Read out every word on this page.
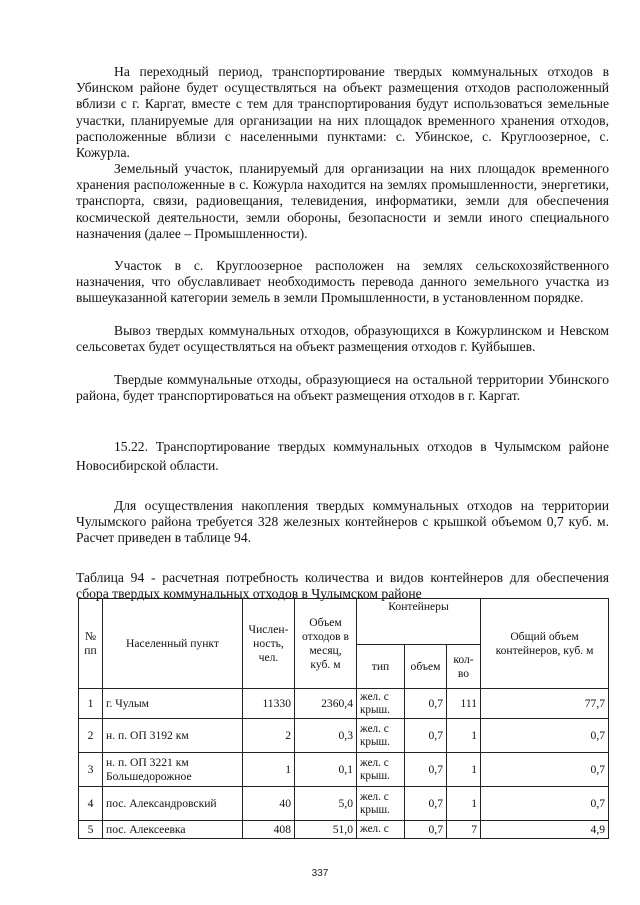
На переходный период, транспортирование твердых коммунальных отходов в Убинском районе будет осуществляться на объект размещения отходов расположенный вблизи с г. Каргат, вместе с тем для транспортирования будут использоваться земельные участки, планируемые для организации на них площадок временного хранения отходов, расположенные вблизи с населенными пунктами: с. Убинское, с. Круглоозерное, с. Кожурла.

Земельный участок, планируемый для организации на них площадок временного хранения расположенные в с. Кожурла находится на землях промышленности, энергетики, транспорта, связи, радиовещания, телевидения, информатики, земли для обеспечения космической деятельности, земли обороны, безопасности и земли иного специального назначения (далее – Промышленности).

Участок в с. Круглоозерное расположен на землях сельскохозяйственного назначения, что обуславливает необходимость перевода данного земельного участка из вышеуказанной категории земель в земли Промышленности, в установленном порядке.

Вывоз твердых коммунальных отходов, образующихся в Кожурлинском и Невском сельсоветах будет осуществляться на объект размещения отходов г. Куйбышев.

Твердые коммунальные отходы, образующиеся на остальной территории Убинского района, будет транспортироваться на объект размещения отходов в г. Каргат.

15.22. Транспортирование твердых коммунальных отходов в Чулымском районе Новосибирской области.

Для осуществления накопления твердых коммунальных отходов на территории Чулымского района требуется 328 железных контейнеров с крышкой объемом 0,7 куб. м. Расчет приведен в таблице 94.

Таблица 94 - расчетная потребность количества и видов контейнеров для обеспечения сбора твердых коммунальных отходов в Чулымском районе

№ пп	Населенный пункт	Числен-ность, чел.	Объем отходов в месяц, куб. м	Контейнеры			Общий объем контейнеров, куб. м
				тип	объем	кол-во	
1	г. Чулым	11330	2360,4	жел. с крыш.	0,7	111	77,7
2	н. п. ОП 3192 км	2	0,3	жел. с крыш.	0,7	1	0,7
3	н. п. ОП 3221 км Большедорожное	1	0,1	жел. с крыш.	0,7	1	0,7
4	пос. Александровский	40	5,0	жел. с крыш.	0,7	1	0,7
5	пос. Алексеевка	408	51,0	жел. с	0,7	7	4,9
337
